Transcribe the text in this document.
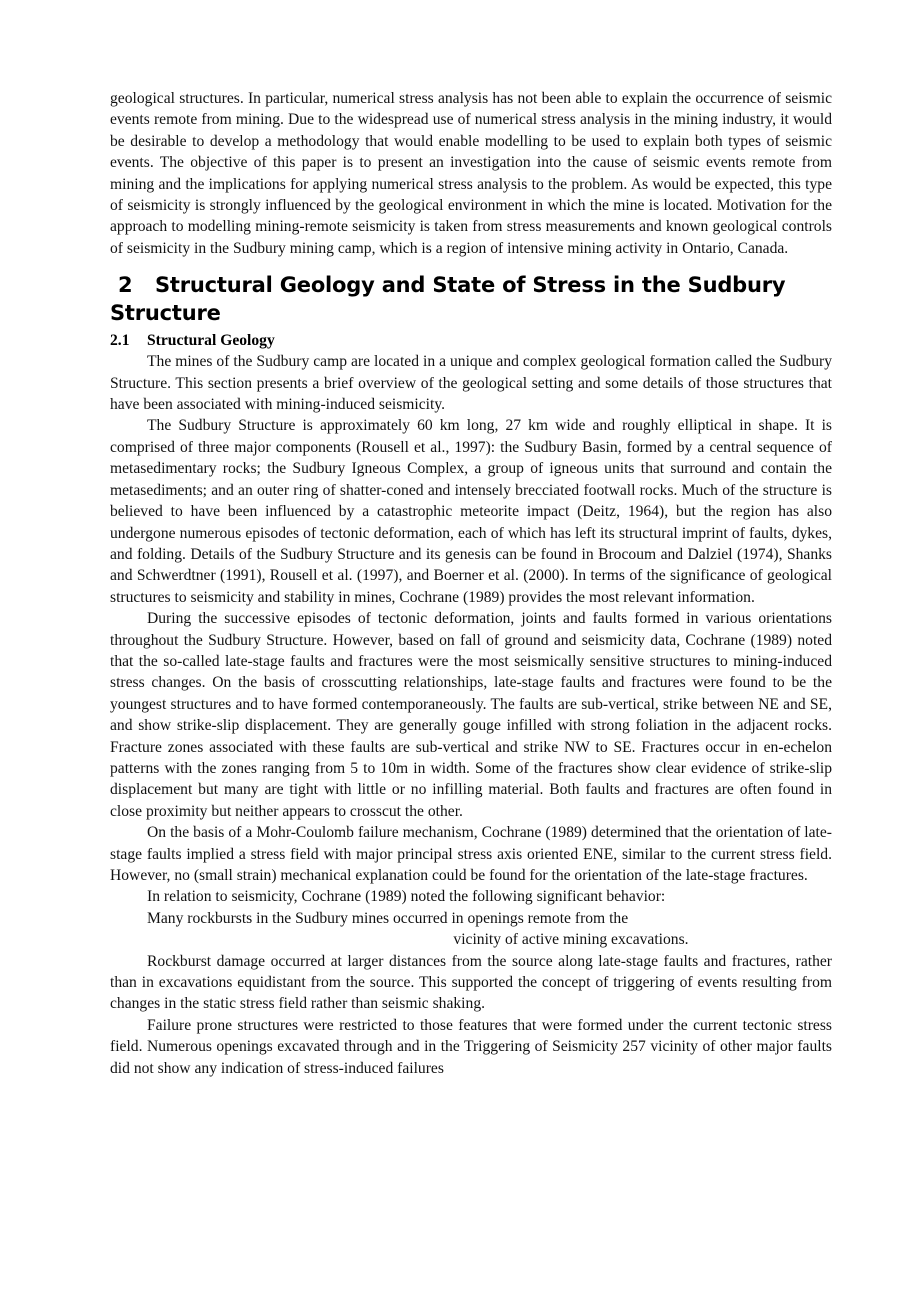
geological structures. In particular, numerical stress analysis has not been able to explain the occurrence of seismic events remote from mining. Due to the widespread use of numerical stress analysis in the mining industry, it would be desirable to develop a methodology that would enable modelling to be used to explain both types of seismic events. The objective of this paper is to present an investigation into the cause of seismic events remote from mining and the implications for applying numerical stress analysis to the problem. As would be expected, this type of seismicity is strongly influenced by the geological environment in which the mine is located. Motivation for the approach to modelling mining-remote seismicity is taken from stress measurements and known geological controls of seismicity in the Sudbury mining camp, which is a region of intensive mining activity in Ontario, Canada.

2 Structural Geology and State of Stress in the Sudbury Structure
2.1 Structural Geology

The mines of the Sudbury camp are located in a unique and complex geological formation called the Sudbury Structure. This section presents a brief overview of the geological setting and some details of those structures that have been associated with mining-induced seismicity.

The Sudbury Structure is approximately 60 km long, 27 km wide and roughly elliptical in shape. It is comprised of three major components (Rousell et al., 1997): the Sudbury Basin, formed by a central sequence of metasedimentary rocks; the Sudbury Igneous Complex, a group of igneous units that surround and contain the metasediments; and an outer ring of shatter-coned and intensely brecciated footwall rocks. Much of the structure is believed to have been influenced by a catastrophic meteorite impact (Deitz, 1964), but the region has also undergone numerous episodes of tectonic deformation, each of which has left its structural imprint of faults, dykes, and folding. Details of the Sudbury Structure and its genesis can be found in Brocoum and Dalziel (1974), Shanks and Schwerdtner (1991), Rousell et al. (1997), and Boerner et al. (2000). In terms of the significance of geological structures to seismicity and stability in mines, Cochrane (1989) provides the most relevant information.

During the successive episodes of tectonic deformation, joints and faults formed in various orientations throughout the Sudbury Structure. However, based on fall of ground and seismicity data, Cochrane (1989) noted that the so-called late-stage faults and fractures were the most seismically sensitive structures to mining-induced stress changes. On the basis of crosscutting relationships, late-stage faults and fractures were found to be the youngest structures and to have formed contemporaneously. The faults are sub-vertical, strike between NE and SE, and show strike-slip displacement. They are generally gouge infilled with strong foliation in the adjacent rocks. Fracture zones associated with these faults are sub-vertical and strike NW to SE. Fractures occur in en-echelon patterns with the zones ranging from 5 to 10m in width. Some of the fractures show clear evidence of strike-slip displacement but many are tight with little or no infilling material. Both faults and fractures are often found in close proximity but neither appears to crosscut the other.

On the basis of a Mohr-Coulomb failure mechanism, Cochrane (1989) determined that the orientation of late-stage faults implied a stress field with major principal stress axis oriented ENE, similar to the current stress field. However, no (small strain) mechanical explanation could be found for the orientation of the late-stage fractures.

In relation to seismicity, Cochrane (1989) noted the following significant behavior:

Many rockbursts in the Sudbury mines occurred in openings remote from the

vicinity of active mining excavations.

Rockburst damage occurred at larger distances from the source along late-stage faults and fractures, rather than in excavations equidistant from the source. This supported the concept of triggering of events resulting from changes in the static stress field rather than seismic shaking.

Failure prone structures were restricted to those features that were formed under the current tectonic stress field. Numerous openings excavated through and in the Triggering of Seismicity 257 vicinity of other major faults did not show any indication of stress-induced failures
